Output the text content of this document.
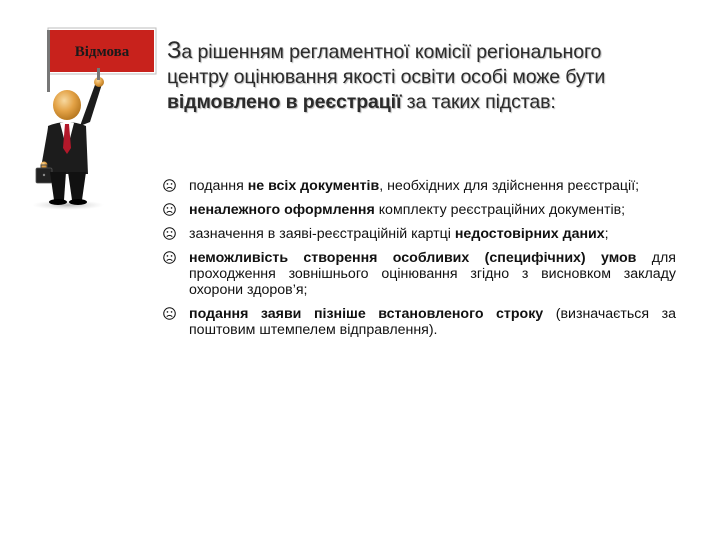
Відмова За рішенням регламентної комісії регіонального
центру оцінювання якості освіти особі може бути
відмовлено в реєстрації за таких підстав:
подання не всіх документів, необхідних для здійснення реєстрації;
неналежного оформлення комплекту реєстраційних документів;
зазначення в заяві-реєстраційній картці недостовірних даних;
неможливість створення особливих (специфічних) умов для проходження зовнішнього оцінювання згідно з висновком закладу охорони здоров’я;
подання заяви пізніше встановленого строку (визначається за поштовим штемпелем відправлення).
